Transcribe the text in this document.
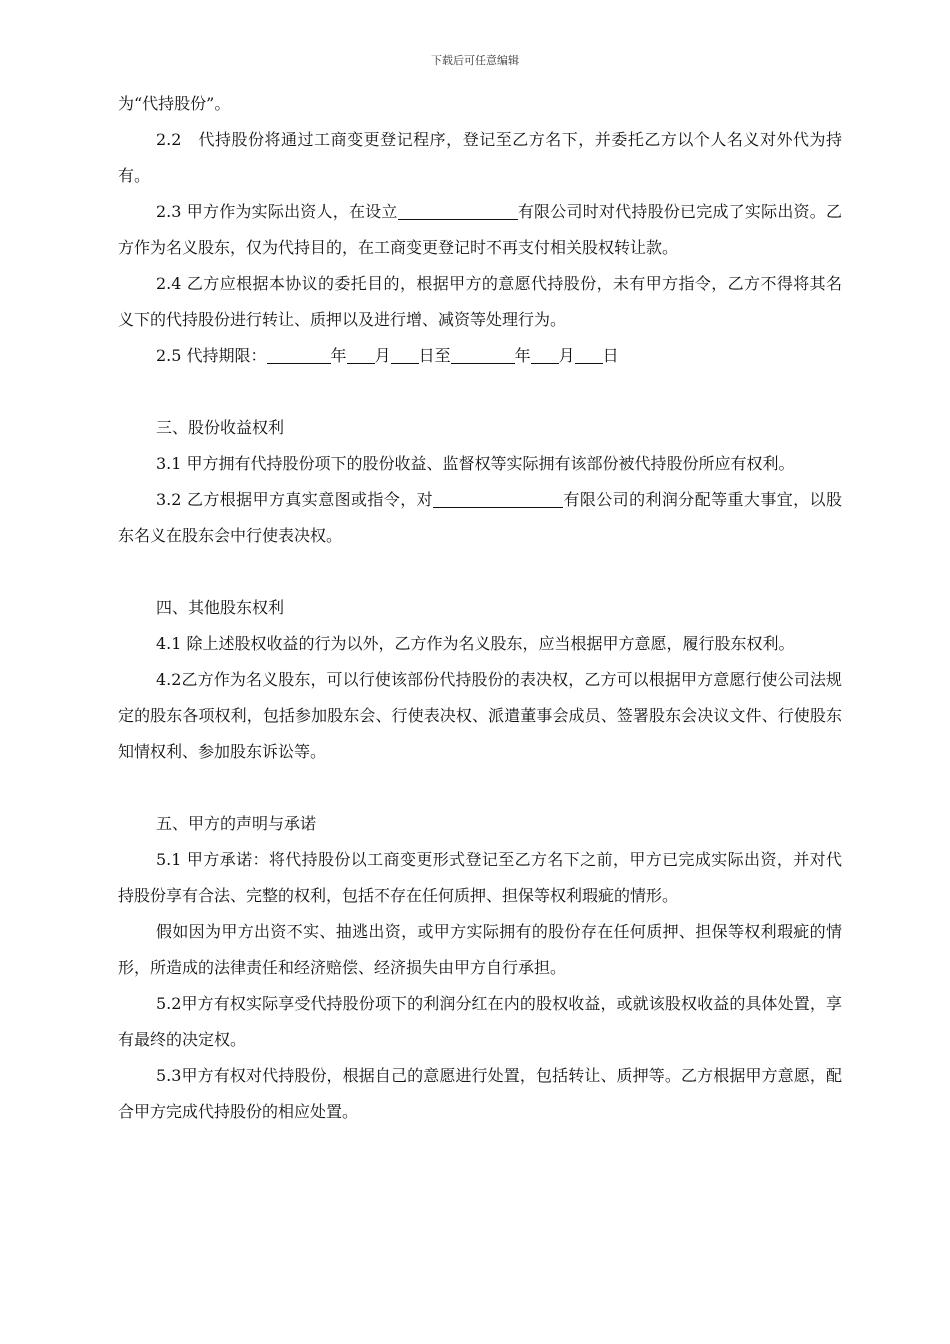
下载后可任意编辑

为“代持股份”。

2.2　代持股份将通过工商变更登记程序，登记至乙方名下，并委托乙方以个人名义对外代为持有。

2.3 甲方作为实际出资人，在设立	有限公司时对代持股份已完成了实际出资。乙方作为名义股东，仅为代持目的，在工商变更登记时不再支付相关股权转让款。

2.4 乙方应根据本协议的委托目的，根据甲方的意愿代持股份，未有甲方指令，乙方不得将其名义下的代持股份进行转让、质押以及进行增、减资等处理行为。

2.5 代持期限：	年 月 日至	年 月 日

三、股份收益权利

3.1 甲方拥有代持股份项下的股份收益、监督权等实际拥有该部份被代持股份所应有权利。

3.2 乙方根据甲方真实意图或指令，对	有限公司的利润分配等重大事宜，以股东名义在股东会中行使表决权。

四、其他股东权利

4.1 除上述股权收益的行为以外，乙方作为名义股东，应当根据甲方意愿，履行股东权利。

4.2乙方作为名义股东，可以行使该部份代持股份的表决权，乙方可以根据甲方意愿行使公司法规定的股东各项权利，包括参加股东会、行使表决权、派遣董事会成员、签署股东会决议文件、行使股东知情权利、参加股东诉讼等。

五、甲方的声明与承诺

5.1 甲方承诺：将代持股份以工商变更形式登记至乙方名下之前，甲方已完成实际出资，并对代持股份享有合法、完整的权利，包括不存在任何质押、担保等权利瑕疵的情形。

假如因为甲方出资不实、抽逃出资，或甲方实际拥有的股份存在任何质押、担保等权利瑕疵的情形，所造成的法律责任和经济赔偿、经济损失由甲方自行承担。

5.2甲方有权实际享受代持股份项下的利润分红在内的股权收益，或就该股权收益的具体处置，享有最终的决定权。

5.3甲方有权对代持股份，根据自己的意愿进行处置，包括转让、质押等。乙方根据甲方意愿，配合甲方完成代持股份的相应处置。
